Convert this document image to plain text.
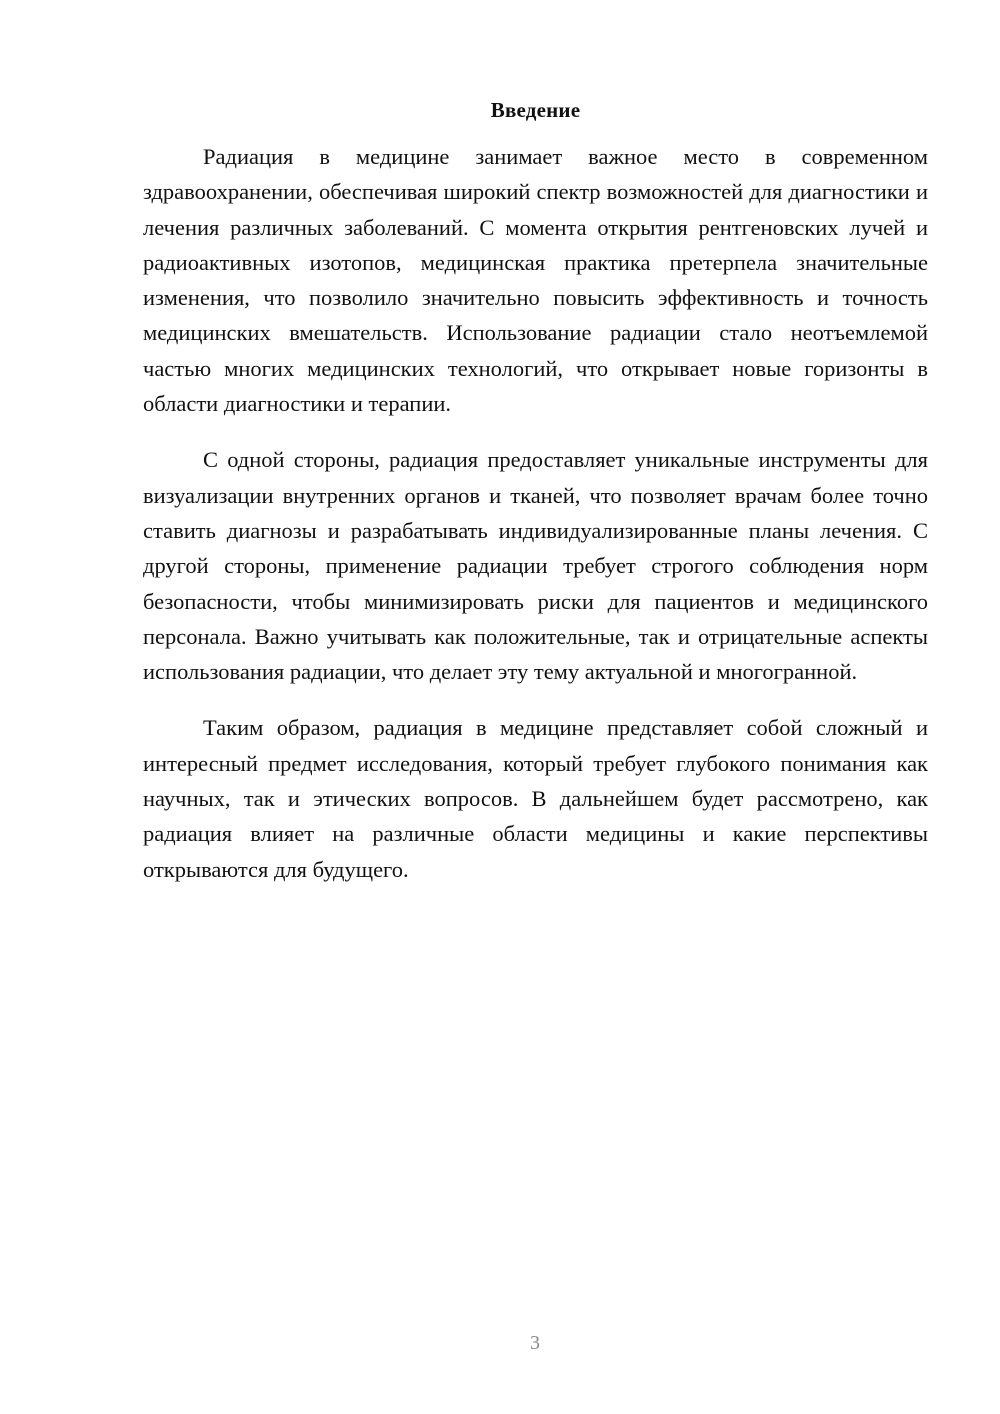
Введение

Радиация в медицине занимает важное место в современном здравоохранении, обеспечивая широкий спектр возможностей для диагностики и лечения различных заболеваний. С момента открытия рентгеновских лучей и радиоактивных изотопов, медицинская практика претерпела значительные изменения, что позволило значительно повысить эффективность и точность медицинских вмешательств. Использование радиации стало неотъемлемой частью многих медицинских технологий, что открывает новые горизонты в области диагностики и терапии.

С одной стороны, радиация предоставляет уникальные инструменты для визуализации внутренних органов и тканей, что позволяет врачам более точно ставить диагнозы и разрабатывать индивидуализированные планы лечения. С другой стороны, применение радиации требует строгого соблюдения норм безопасности, чтобы минимизировать риски для пациентов и медицинского персонала. Важно учитывать как положительные, так и отрицательные аспекты использования радиации, что делает эту тему актуальной и многогранной.

Таким образом, радиация в медицине представляет собой сложный и интересный предмет исследования, который требует глубокого понимания как научных, так и этических вопросов. В дальнейшем будет рассмотрено, как радиация влияет на различные области медицины и какие перспективы открываются для будущего.

3
